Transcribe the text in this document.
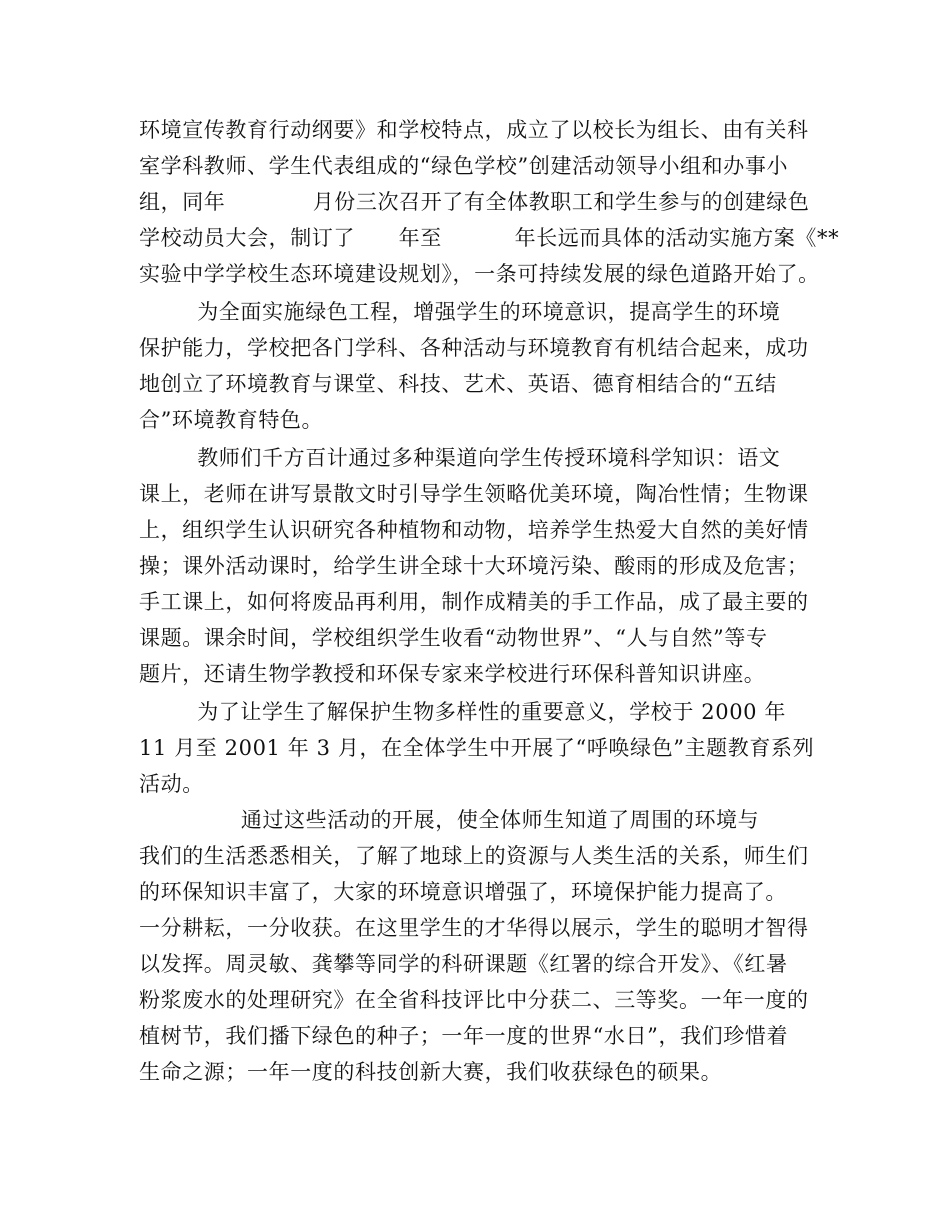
环境宣传教育行动纲要》和学校特点，成立了以校长为组长、由有关科
室学科教师、学生代表组成的“绿色学校”创建活动领导小组和办事小
组，同年            月份三次召开了有全体教职工和学生参与的创建绿色
学校动员大会，制订了      年至          年长远而具体的活动实施方案《**
实验中学学校生态环境建设规划》，一条可持续发展的绿色道路开始了。
为全面实施绿色工程，增强学生的环境意识，提高学生的环境
保护能力，学校把各门学科、各种活动与环境教育有机结合起来，成功
地创立了环境教育与课堂、科技、艺术、英语、德育相结合的“五结
合”环境教育特色。
教师们千方百计通过多种渠道向学生传授环境科学知识：语文
课上，老师在讲写景散文时引导学生领略优美环境，陶冶性情；生物课
上，组织学生认识研究各种植物和动物，培养学生热爱大自然的美好情
操；课外活动课时，给学生讲全球十大环境污染、酸雨的形成及危害；
手工课上，如何将废品再利用，制作成精美的手工作品，成了最主要的
课题。课余时间，学校组织学生收看“动物世界”、“人与自然”等专
题片，还请生物学教授和环保专家来学校进行环保科普知识讲座。
为了让学生了解保护生物多样性的重要意义，学校于 2000 年
11 月至 2001 年 3 月，在全体学生中开展了“呼唤绿色”主题教育系列
活动。
通过这些活动的开展，使全体师生知道了周围的环境与
我们的生活悉悉相关，了解了地球上的资源与人类生活的关系，师生们
的环保知识丰富了，大家的环境意识增强了，环境保护能力提高了。
一分耕耘，一分收获。在这里学生的才华得以展示，学生的聪明才智得
以发挥。周灵敏、龚攀等同学的科研课题《红署的综合开发》、《红暑
粉浆废水的处理研究》在全省科技评比中分获二、三等奖。一年一度的
植树节，我们播下绿色的种子；一年一度的世界“水日”，我们珍惜着
生命之源；一年一度的科技创新大赛，我们收获绿色的硕果。
